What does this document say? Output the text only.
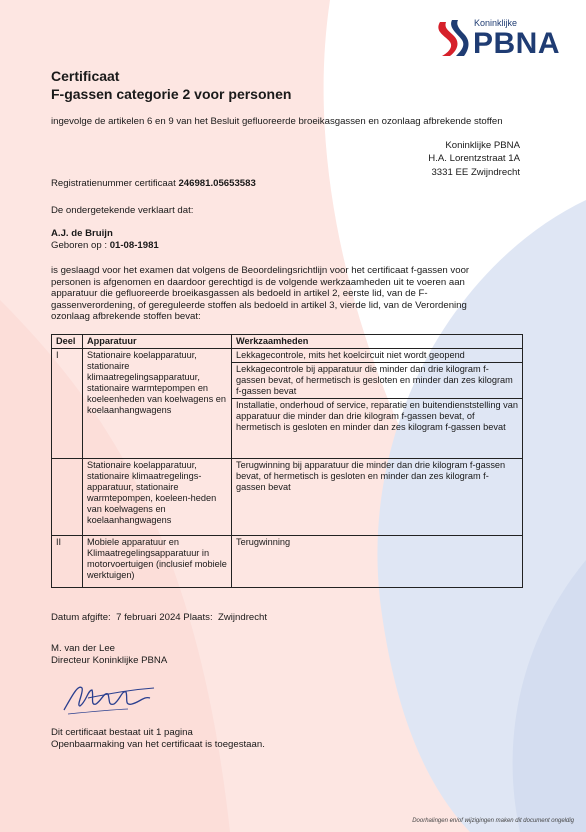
Koninklijke
PBNA
Certificaat
F-gassen categorie 2 voor personen
ingevolge de artikelen 6 en 9 van het Besluit gefluoreerde broeikasgassen en ozonlaag afbrekende stoffen
Koninklijke PBNA
H.A. Lorentzstraat 1A
3331 EE Zwijndrecht
Registratienummer certificaat 246981.05653583
De ondergetekende verklaart dat:
A.J. de Bruijn
Geboren op : 01-08-1981
is geslaagd voor het examen dat volgens de Beoordelingsrichtlijn voor het certificaat f-gassen voor personen is afgenomen en daardoor gerechtigd is de volgende werkzaamheden uit te voeren aan apparatuur die gefluoreerde broeikasgassen als bedoeld in artikel 2, eerste lid, van de F-gassenverordening, of gereguleerde stoffen als bedoeld in artikel 3, vierde lid, van de Verordening ozonlaag afbrekende stoffen bevat:
Deel	Apparatuur	Werkzaamheden
I	Stationaire koelapparatuur, stationaire klimaatregelingsapparatuur, stationaire warmtepompen en koeleenheden van koelwagens en koelaanhangwagens	Lekkagecontrole, mits het koelcircuit niet wordt geopend
Lekkagecontrole bij apparatuur die minder dan drie kilogram f-gassen bevat, of hermetisch is gesloten en minder dan zes kilogram f-gassen bevat
Installatie, onderhoud of service, reparatie en buitendienststelling van apparatuur die minder dan drie kilogram f-gassen bevat, of hermetisch is gesloten en minder dan zes kilogram f-gassen bevat

	Stationaire koelapparatuur, stationaire klimaatregelings-apparatuur, stationaire warmtepompen, koeleen-heden van koelwagens en koelaanhangwagens	Terugwinning bij apparatuur die minder dan drie kilogram f-gassen bevat, of hermetisch is gesloten en minder dan zes kilogram f-gassen bevat
II	Mobiele apparatuur en Klimaatregelingsapparatuur in motorvoertuigen (inclusief mobiele werktuigen)	Terugwinning
Datum afgifte: 7 februari 2024 Plaats: Zwijndrecht
M. van der Lee
Directeur Koninklijke PBNA
Dit certificaat bestaat uit 1 pagina
Openbaarmaking van het certificaat is toegestaan.
Doorhalingen en/of wijzigingen maken dit document ongeldig
